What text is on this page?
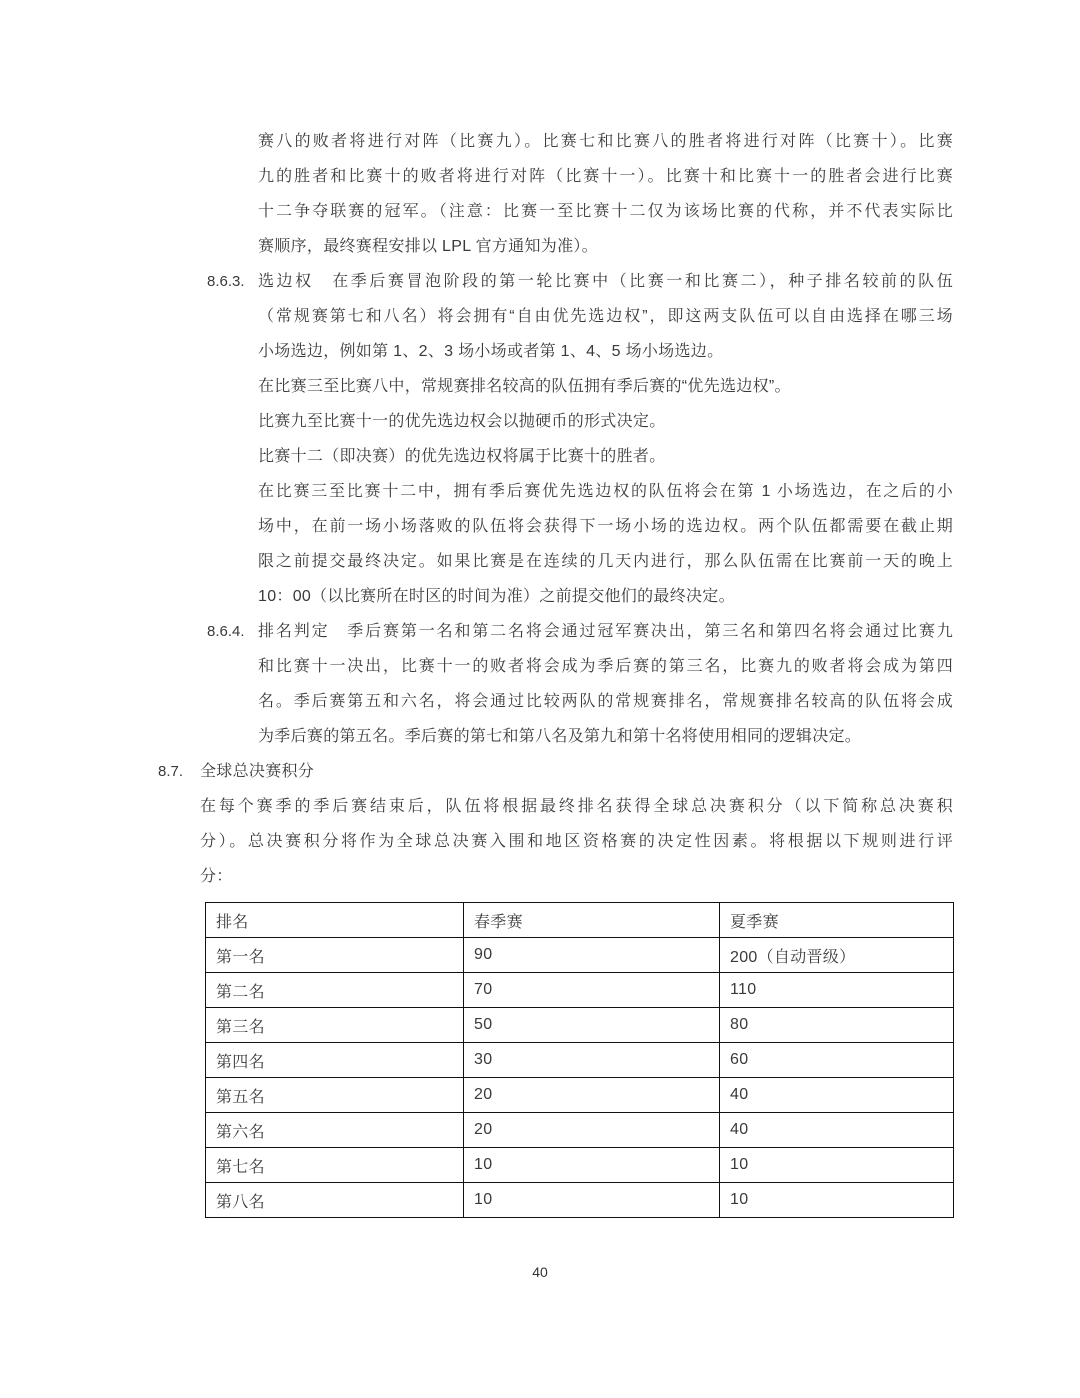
赛八的败者将进行对阵（比赛九）。比赛七和比赛八的胜者将进行对阵（比赛十）。比赛
九的胜者和比赛十的败者将进行对阵（比赛十一）。比赛十和比赛十一的胜者会进行比赛
十二争夺联赛的冠军。（注意：比赛一至比赛十二仅为该场比赛的代称，并不代表实际比
赛顺序，最终赛程安排以 LPL 官方通知为准）。
8.6.3. 选边权　在季后赛冒泡阶段的第一轮比赛中（比赛一和比赛二），种子排名较前的队伍
（常规赛第七和八名）将会拥有“自由优先选边权”，即这两支队伍可以自由选择在哪三场
小场选边，例如第 1、2、3 场小场或者第 1、4、5 场小场选边。
在比赛三至比赛八中，常规赛排名较高的队伍拥有季后赛的“优先选边权”。
比赛九至比赛十一的优先选边权会以抛硬币的形式决定。
比赛十二（即决赛）的优先选边权将属于比赛十的胜者。
在比赛三至比赛十二中，拥有季后赛优先选边权的队伍将会在第 1 小场选边，在之后的小
场中，在前一场小场落败的队伍将会获得下一场小场的选边权。两个队伍都需要在截止期
限之前提交最终决定。如果比赛是在连续的几天内进行，那么队伍需在比赛前一天的晚上
10：00（以比赛所在时区的时间为准）之前提交他们的最终决定。
8.6.4. 排名判定　季后赛第一名和第二名将会通过冠军赛决出，第三名和第四名将会通过比赛九
和比赛十一决出，比赛十一的败者将会成为季后赛的第三名，比赛九的败者将会成为第四
名。季后赛第五和六名，将会通过比较两队的常规赛排名，常规赛排名较高的队伍将会成
为季后赛的第五名。季后赛的第七和第八名及第九和第十名将使用相同的逻辑决定。
8.7. 全球总决赛积分
在每个赛季的季后赛结束后，队伍将根据最终排名获得全球总决赛积分（以下简称总决赛积
分）。总决赛积分将作为全球总决赛入围和地区资格赛的决定性因素。将根据以下规则进行评
分：
排名	春季赛	夏季赛
第一名	90	200（自动晋级）
第二名	70	110
第三名	50	80
第四名	30	60
第五名	20	40
第六名	20	40
第七名	10	10
第八名	10	10
40
